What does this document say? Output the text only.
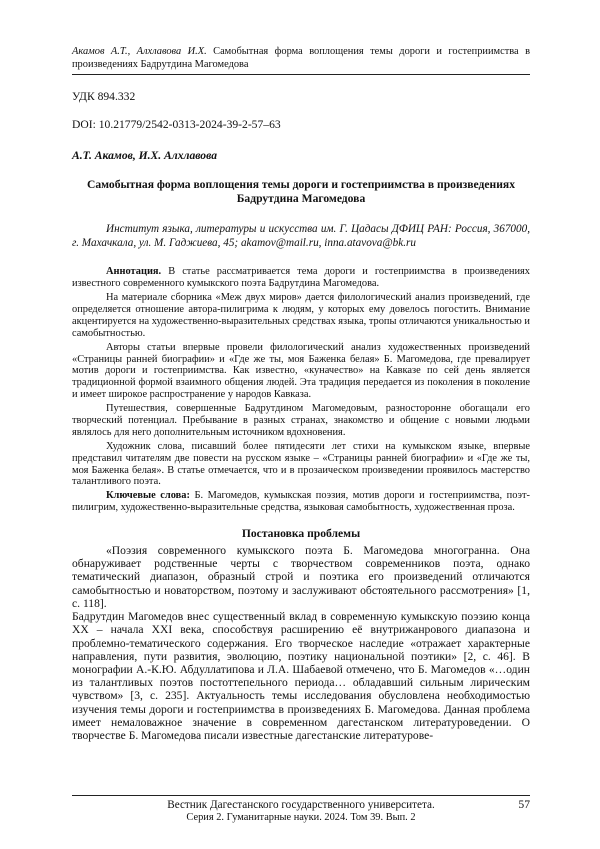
Акамов А.Т., Алхлавова И.Х. Самобытная форма воплощения темы дороги и гостеприимства в произведениях Бадрутдина Магомедова
УДК 894.332
DOI: 10.21779/2542-0313-2024-39-2-57–63
А.Т. Акамов, И.Х. Алхлавова
Самобытная форма воплощения темы дороги и гостеприимства в произведениях Бадрутдина Магомедова
Институт языка, литературы и искусства им. Г. Цадасы ДФИЦ РАН: Россия, 367000, г. Махачкала, ул. М. Гаджиева, 45; akamov@mail.ru, inna.atavova@bk.ru

Аннотация. В статье рассматривается тема дороги и гостеприимства в произведениях известного современного кумыкского поэта Бадрутдина Магомедова.

На материале сборника «Меж двух миров» дается филологический анализ произведений, где определяется отношение автора-пилигрима к людям, у которых ему довелось погостить. Внимание акцентируется на художественно-выразительных средствах языка, тропы отличаются уникальностью и самобытностью.

Авторы статьи впервые провели филологический анализ художественных произведений «Страницы ранней биографии» и «Где же ты, моя Баженка белая» Б. Магомедова, где превалирует мотив дороги и гостеприимства. Как известно, «куначество» на Кавказе по сей день является традиционной формой взаимного общения людей. Эта традиция передается из поколения в поколение и имеет широкое распространение у народов Кавказа.

Путешествия, совершенные Бадрутдином Магомедовым, разносторонне обогащали его творческий потенциал. Пребывание в разных странах, знакомство и общение с новыми людьми являлось для него дополнительным источником вдохновения.

Художник слова, писавший более пятидесяти лет стихи на кумыкском языке, впервые представил читателям две повести на русском языке – «Страницы ранней биографии» и «Где же ты, моя Баженка белая». В статье отмечается, что и в прозаическом произведении проявилось мастерство талантливого поэта.

Ключевые слова: Б. Магомедов, кумыкская поэзия, мотив дороги и гостеприимства, поэт-пилигрим, художественно-выразительные средства, языковая самобытность, художественная проза.

Постановка проблемы

«Поэзия современного кумыкского поэта Б. Магомедова многогранна. Она обнаруживает родственные черты с творчеством современников поэта, однако тематический диапазон, образный строй и поэтика его произведений отличаются самобытностью и новаторством, поэтому и заслуживают обстоятельного рассмотрения» [1, с. 118].

Бадрутдин Магомедов внес существенный вклад в современную кумыкскую поэзию конца XX – начала XXI века, способствуя расширению её внутрижанрового диапазона и проблемно-тематического содержания. Его творческое наследие «отражает характерные направления, пути развития, эволюцию, поэтику национальной поэтики» [2, с. 46]. В монографии А.-К.Ю. Абдуллатипова и Л.А. Шабаевой отмечено, что Б. Магомедов «…один из талантливых поэтов постоттепельного периода… обладавший сильным лирическим чувством» [3, с. 235]. Актуальность темы исследования обусловлена необходимостью изучения темы дороги и гостеприимства в произведениях Б. Магомедова. Данная проблема имеет немаловажное значение в современном дагестанском литературоведении. О творчестве Б. Магомедова писали известные дагестанские литературове-

Вестник Дагестанского государственного университета.
Серия 2. Гуманитарные науки. 2024. Том 39. Вып. 2
57
